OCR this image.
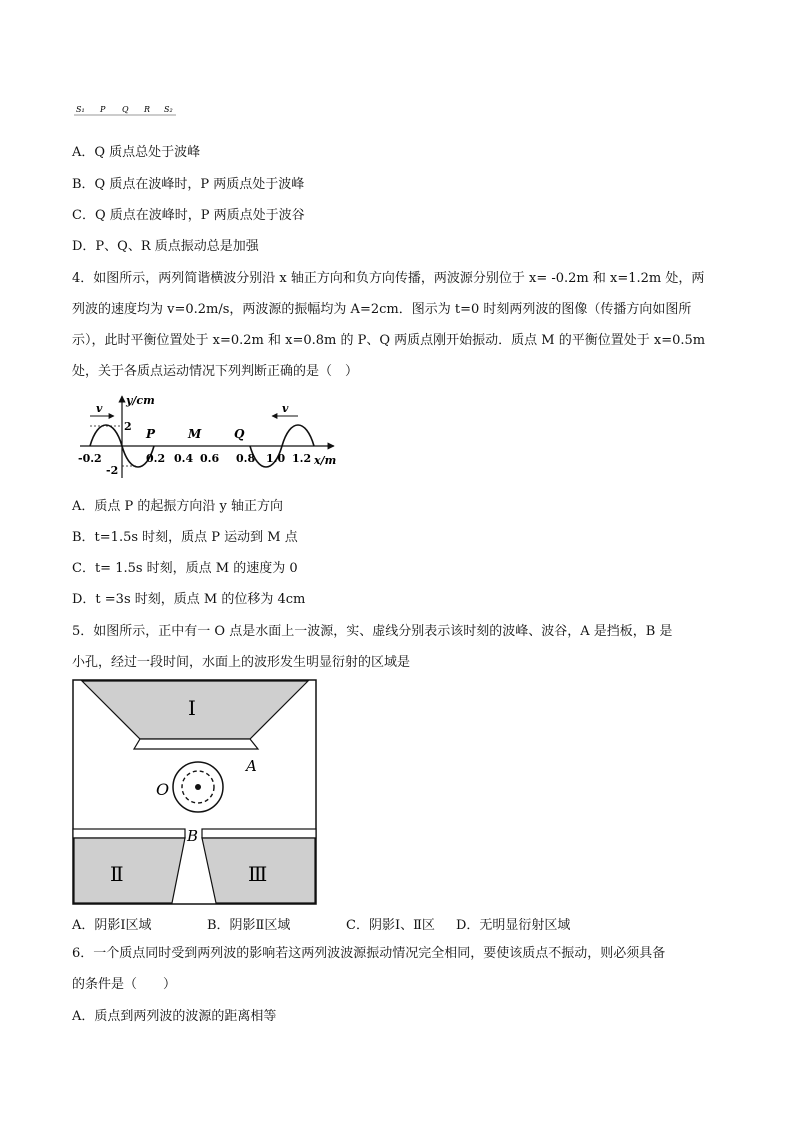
S₁ P Q R S₂
A．Q 质点总处于波峰
B．Q 质点在波峰时，P 两质点处于波峰
C．Q 质点在波峰时，P 两质点处于波谷
D．P、Q、R 质点振动总是加强
4．如图所示，两列简谐横波分别沿 x 轴正方向和负方向传播，两波源分别位于 x= -0.2m 和 x=1.2m 处，两
列波的速度均为 v=0.2m/s，两波源的振幅均为 A=2cm．图示为 t=0 时刻两列波的图像（传播方向如图所
示），此时平衡位置处于 x=0.2m 和 x=0.8m 的 P、Q 两质点刚开始振动．质点 M 的平衡位置处于 x=0.5m
处，关于各质点运动情况下列判断正确的是（　）
y/cm
x/m
2
-2
v	v
P	M	Q
-0.2	0.2 0.4 0.6 0.8 1.0 1.2
A．质点 P 的起振方向沿 y 轴正方向
B．t=1.5s 时刻，质点 P 运动到 M 点
C．t= 1.5s 时刻，质点 M 的速度为 0
D．t =3s 时刻，质点 M 的位移为 4cm
5．如图所示，正中有一 O 点是水面上一波源，实、虚线分别表示该时刻的波峰、波谷，A 是挡板，B 是
小孔，经过一段时间，水面上的波形发生明显衍射的区域是
Ⅰ
A
O
B
Ⅱ	Ⅲ
A．阴影Ⅰ区域	B．阴影Ⅱ区域	C．阴影Ⅰ、Ⅱ区 D．无明显衍射区域
6．一个质点同时受到两列波的影响若这两列波波源振动情况完全相同，要使该质点不振动，则必须具备
的条件是（　　）
A．质点到两列波的波源的距离相等
